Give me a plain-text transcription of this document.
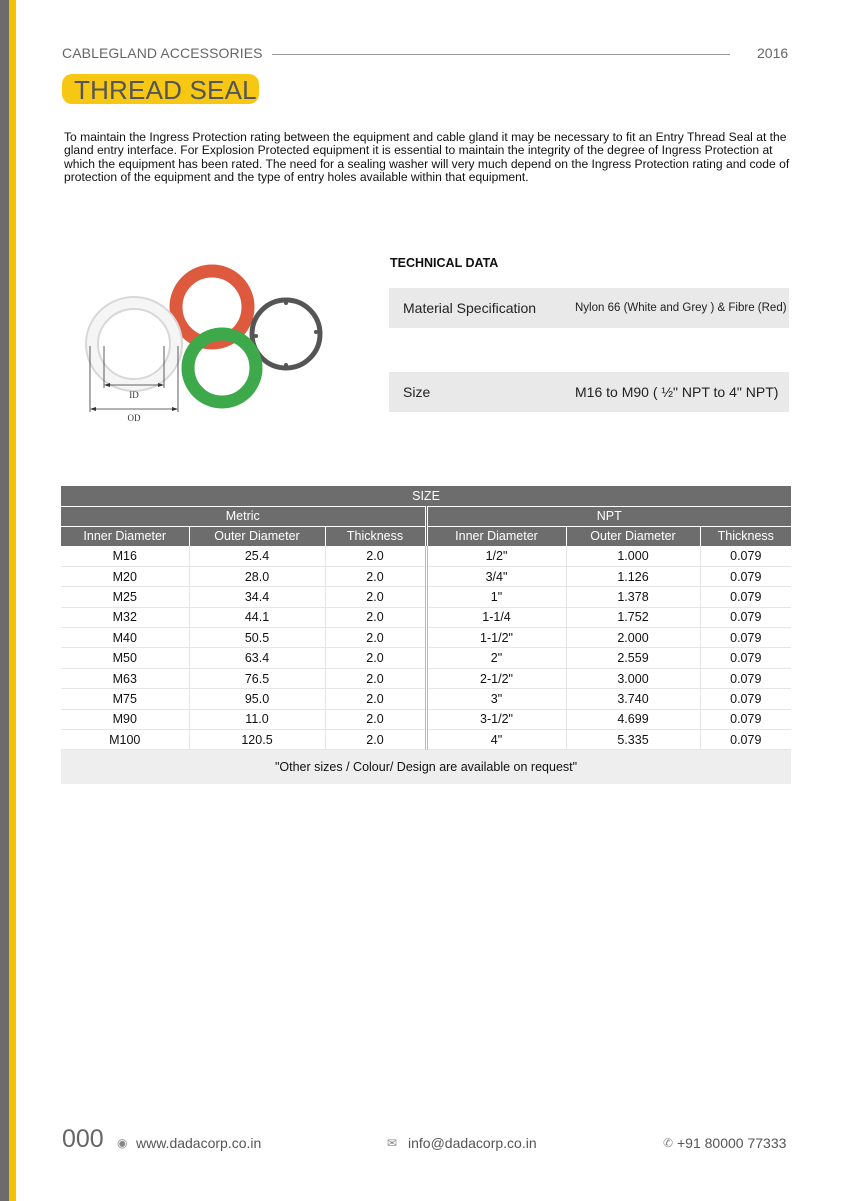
CABLEGLAND ACCESSORIES	2016
THREAD SEAL

To maintain the Ingress Protection rating between the equipment and cable gland it may be necessary to fit an Entry Thread Seal at the gland entry interface. For Explosion Protected equipment it is essential to maintain the integrity of the degree of Ingress Protection at which the equipment has been rated. The need for a sealing washer will very much depend on the Ingress Protection rating and code of protection of the equipment and the type of entry holes available within that equipment.

ID
OD
TECHNICAL DATA
Material Specification	Nylon 66 (White and Grey ) & Fibre (Red)
Size	M16 to M90 ( ½" NPT to 4" NPT)
SIZE					
Metric			NPT		
Inner Diameter	Outer Diameter	Thickness	Inner Diameter	Outer Diameter	Thickness
M16	25.4	2.0	1/2"	1.000	0.079
M20	28.0	2.0	3/4"	1.126	0.079
M25	34.4	2.0	1"	1.378	0.079
M32	44.1	2.0	1-1/4	1.752	0.079
M40	50.5	2.0	1-1/2"	2.000	0.079
M50	63.4	2.0	2"	2.559	0.079
M63	76.5	2.0	2-1/2"	3.000	0.079
M75	95.0	2.0	3"	3.740	0.079
M90	11.0	2.0	3-1/2"	4.699	0.079
M100	120.5	2.0	4"	5.335	0.079
"Other sizes / Colour/ Design are available on request"					
000 ◉ www.dadacorp.co.in	✉ info@dadacorp.co.in	✆ +91 80000 77333
